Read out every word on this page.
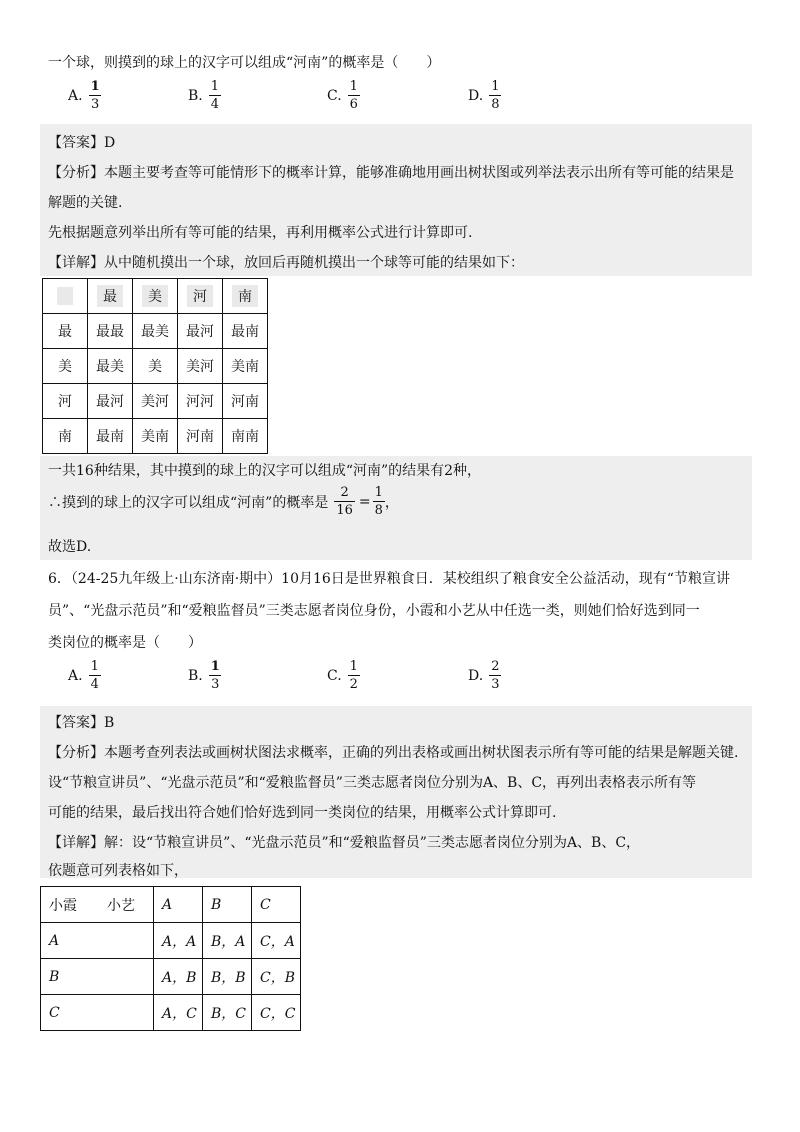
一个球，则摸到的球上的汉字可以组成“河南”的概率是（　　）
A. $\frac{1}{3}$	B. $\frac{1}{4}$	C. $\frac{1}{6}$	D. $\frac{1}{8}$
【答案】D
【分析】本题主要考查等可能情形下的概率计算，能够准确地用画出树状图或列举法表示出所有等可能的结果是
解题的关键.
先根据题意列举出所有等可能的结果，再利用概率公式进行计算即可.
【详解】从中随机摸出一个球，放回后再随机摸出一个球等可能的结果如下：
	最	美	河	南
最	最最	最美	最河	最南
美	最美	美	美河	美南
河	最河	美河	河河	河南
南	最南	美南	河南	南南
一共16种结果，其中摸到的球上的汉字可以组成“河南”的结果有2种，
∴摸到的球上的汉字可以组成“河南”的概率是 $\frac{2}{16} = \frac{1}{8}$ ，
故选D.
6．（24-25九年级上·山东济南·期中）10月16日是世界粮食日．某校组织了粮食安全公益活动，现有“节粮宣讲
员”、“光盘示范员”和“爱粮监督员”三类志愿者岗位身份，小霞和小艺从中任选一类，则她们恰好选到同一
类岗位的概率是（　　）
A. $\frac{1}{4}$	B. $\frac{1}{3}$	C. $\frac{1}{2}$	D. $\frac{2}{3}$
【答案】B
【分析】本题考查列表法或画树状图法求概率，正确的列出表格或画出树状图表示所有等可能的结果是解题关键.
设“节粮宣讲员”、“光盘示范员”和“爱粮监督员”三类志愿者岗位分别为A、B、C，再列出表格表示所有等
可能的结果，最后找出符合她们恰好选到同一类岗位的结果，用概率公式计算即可.
【详解】解：设“节粮宣讲员”、“光盘示范员”和“爱粮监督员”三类志愿者岗位分别为A、B、C，
依题意可列表格如下，
小霞 小艺	A	B	C
A	A，A	B，A	C，A
B	A，B	B，B	C，B
C	A，C	B，C	C，C
